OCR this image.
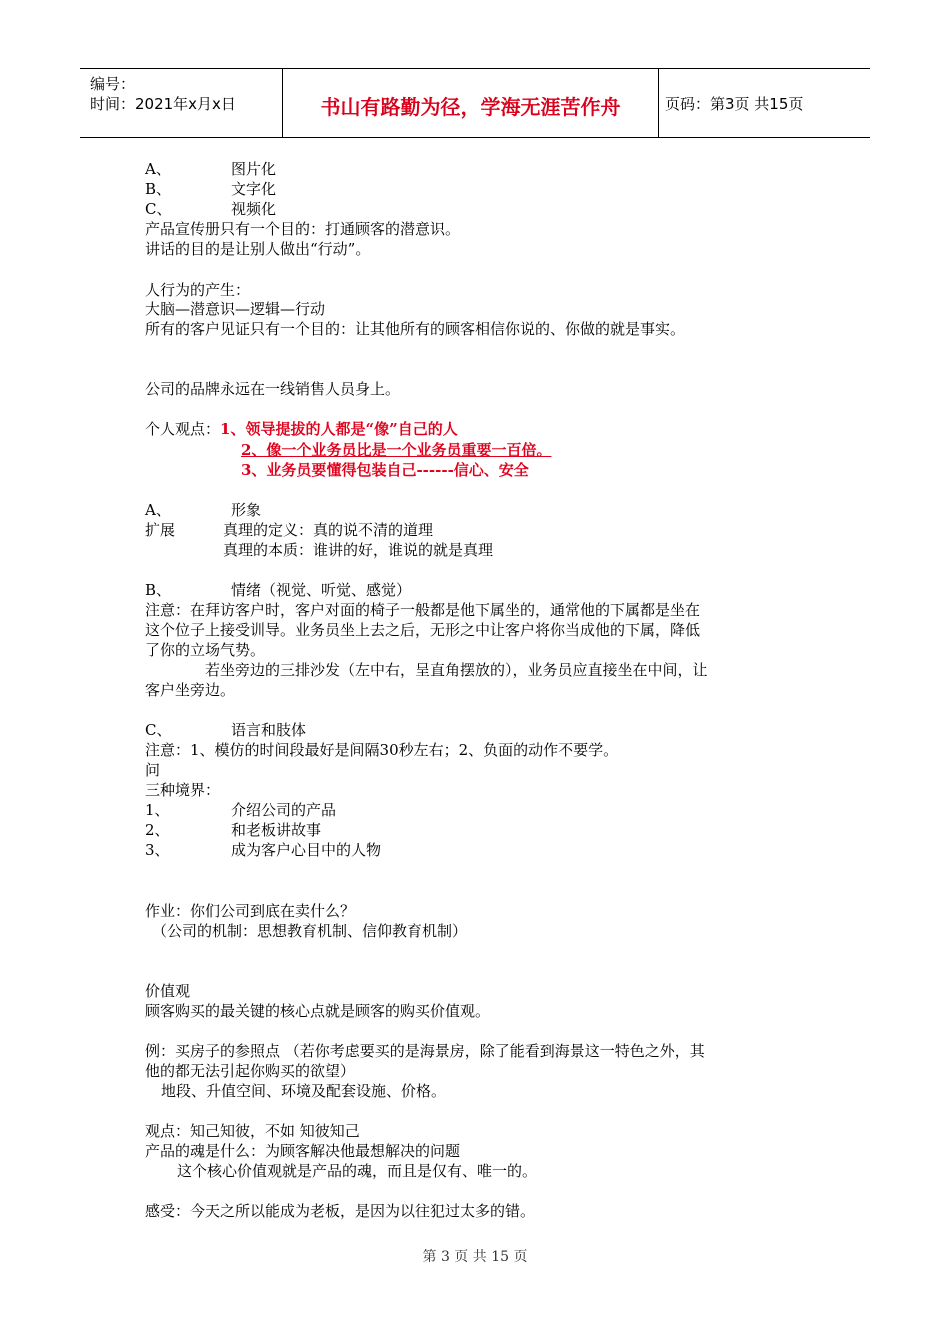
编号：
时间：2021年x月x日	书山有路勤为径，学海无涯苦作舟	页码：第3页 共15页
A、	图片化
B、	文字化
C、	视频化
产品宣传册只有一个目的：打通顾客的潜意识。
讲话的目的是让别人做出“行动”。
人行为的产生：
大脑—潜意识—逻辑—行动
所有的客户见证只有一个目的：让其他所有的顾客相信你说的、你做的就是事实。
公司的品牌永远在一线销售人员身上。
个人观点：1、领导提拔的人都是“像”自己的人
2、像一个业务员比是一个业务员重要一百倍。
3、业务员要懂得包装自己------信心、安全
A、	形象
扩展	真理的定义：真的说不清的道理
真理的本质：谁讲的好，谁说的就是真理
B、	情绪（视觉、听觉、感觉）
注意：在拜访客户时，客户对面的椅子一般都是他下属坐的，通常他的下属都是坐在
这个位子上接受训导。业务员坐上去之后，无形之中让客户将你当成他的下属，降低
了你的立场气势。
若坐旁边的三排沙发（左中右，呈直角摆放的），业务员应直接坐在中间，让
客户坐旁边。
C、	语言和肢体
注意：1、模仿的时间段最好是间隔30秒左右；2、负面的动作不要学。
问
三种境界：
1、	介绍公司的产品
2、	和老板讲故事
3、	成为客户心目中的人物
作业：你们公司到底在卖什么？
（公司的机制：思想教育机制、信仰教育机制）
价值观
顾客购买的最关键的核心点就是顾客的购买价值观。
例：买房子的参照点 （若你考虑要买的是海景房，除了能看到海景这一特色之外，其
他的都无法引起你购买的欲望）
地段、升值空间、环境及配套设施、价格。
观点：知己知彼，不如 知彼知己
产品的魂是什么：为顾客解决他最想解决的问题
这个核心价值观就是产品的魂，而且是仅有、唯一的。
感受：今天之所以能成为老板，是因为以往犯过太多的错。
第 3 页 共 15 页
